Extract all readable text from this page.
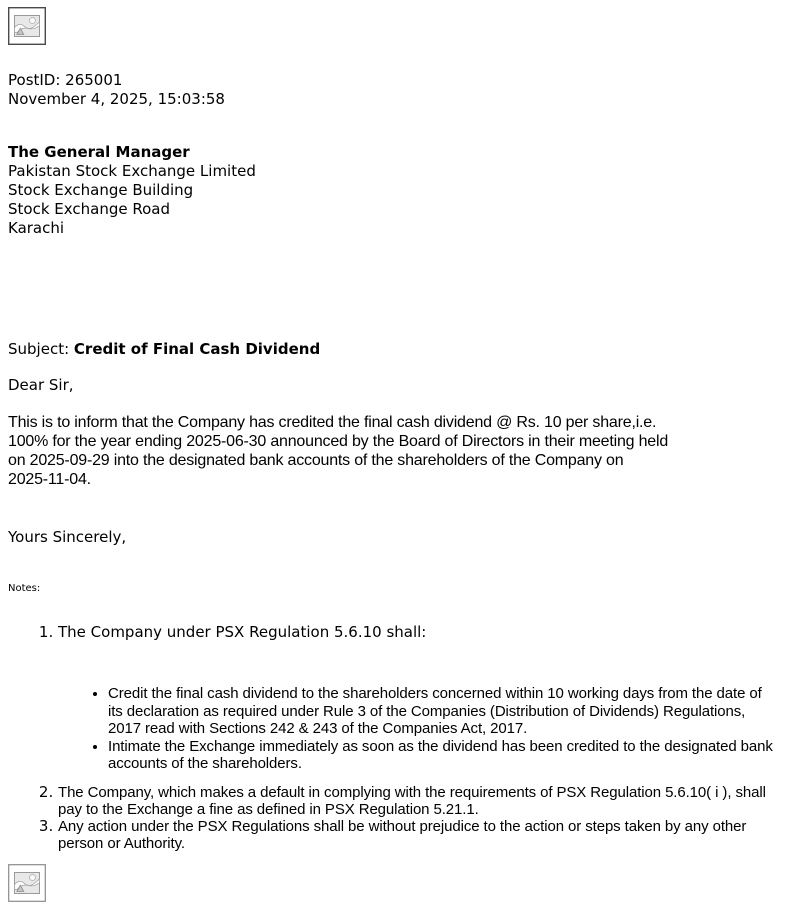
PostID: 265001
November 4, 2025, 15:03:58
The General Manager
Pakistan Stock Exchange Limited
Stock Exchange Building
Stock Exchange Road
Karachi
Subject: Credit of Final Cash Dividend
Dear Sir,
This is to inform that the Company has credited the final cash dividend @ Rs. 10 per share,i.e.
100% for the year ending 2025-06-30 announced by the Board of Directors in their meeting held
on 2025-09-29 into the designated bank accounts of the shareholders of the Company on
2025-11-04.
Yours Sincerely,
Notes:
1. The Company under PSX Regulation 5.6.10 shall:
• Credit the final cash dividend to the shareholders concerned within 10 working days from the date of its declaration as required under Rule 3 of the Companies (Distribution of Dividends) Regulations, 2017 read with Sections 242 & 243 of the Companies Act, 2017.
• Intimate the Exchange immediately as soon as the dividend has been credited to the designated bank accounts of the shareholders.
2. The Company, which makes a default in complying with the requirements of PSX Regulation 5.6.10( i ), shall pay to the Exchange a fine as defined in PSX Regulation 5.21.1.
3. Any action under the PSX Regulations shall be without prejudice to the action or steps taken by any other person or Authority.
